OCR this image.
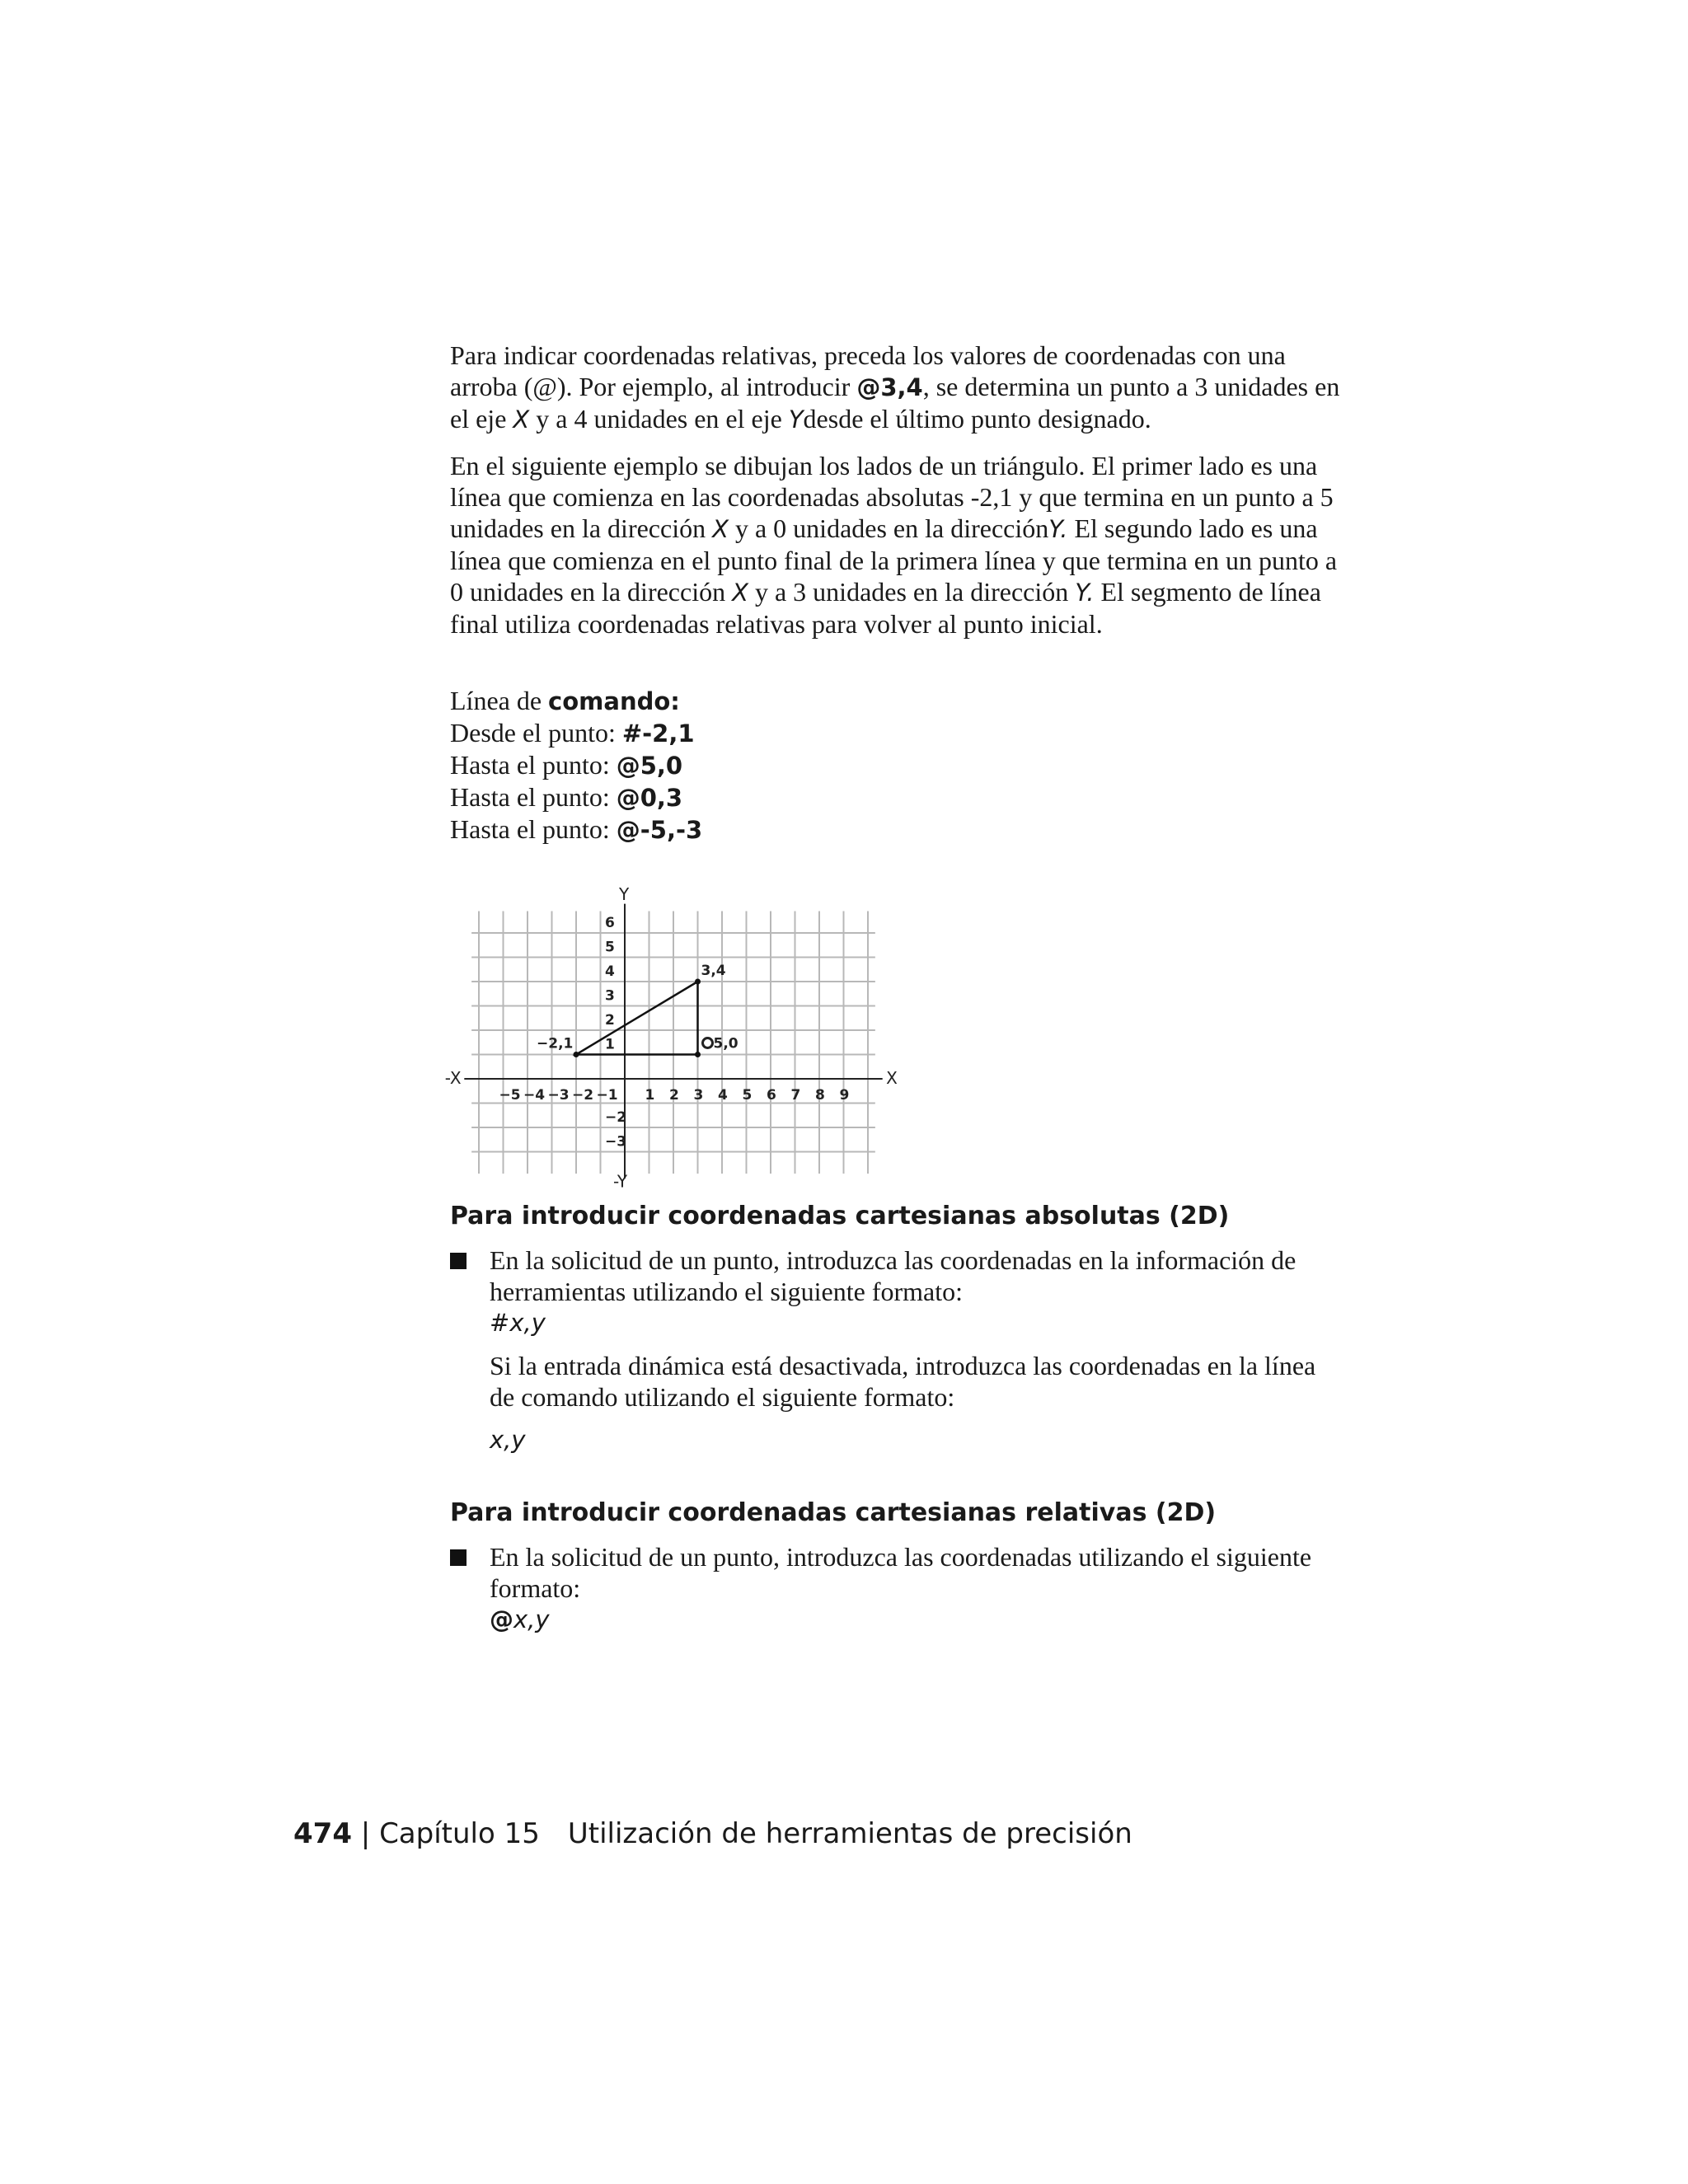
Para indicar coordenadas relativas, preceda los valores de coordenadas con una arroba (@). Por ejemplo, al introducir @3,4, se determina un punto a 3 unidades en el eje X y a 4 unidades en el eje Ydesde el último punto designado.

En el siguiente ejemplo se dibujan los lados de un triángulo. El primer lado es una línea que comienza en las coordenadas absolutas -2,1 y que termina en un punto a 5 unidades en la dirección X y a 0 unidades en la direcciónY. El segundo lado es una línea que comienza en el punto final de la primera línea y que termina en un punto a 0 unidades en la dirección X y a 3 unidades en la dirección Y. El segmento de línea final utiliza coordenadas relativas para volver al punto inicial.

Línea de comando:
Desde el punto: #-2,1
Hasta el punto: @5,0
Hasta el punto: @0,3
Hasta el punto: @-5,-3
X
-X
Y
-Y
−5 −4 −3 −2 −1 1 2 3 4 5 6 7 8 9
6
5
4
3
2
1
−2
−3
−2,1	5,0
3,4
Para introducir coordenadas cartesianas absolutas (2D)

En la solicitud de un punto, introduzca las coordenadas en la información de herramientas utilizando el siguiente formato:

#x,y

Si la entrada dinámica está desactivada, introduzca las coordenadas en la línea de comando utilizando el siguiente formato:

x,y
Para introducir coordenadas cartesianas relativas (2D)

En la solicitud de un punto, introduzca las coordenadas utilizando el siguiente formato:

@x,y
474 | Capítulo 15 Utilización de herramientas de precisión
